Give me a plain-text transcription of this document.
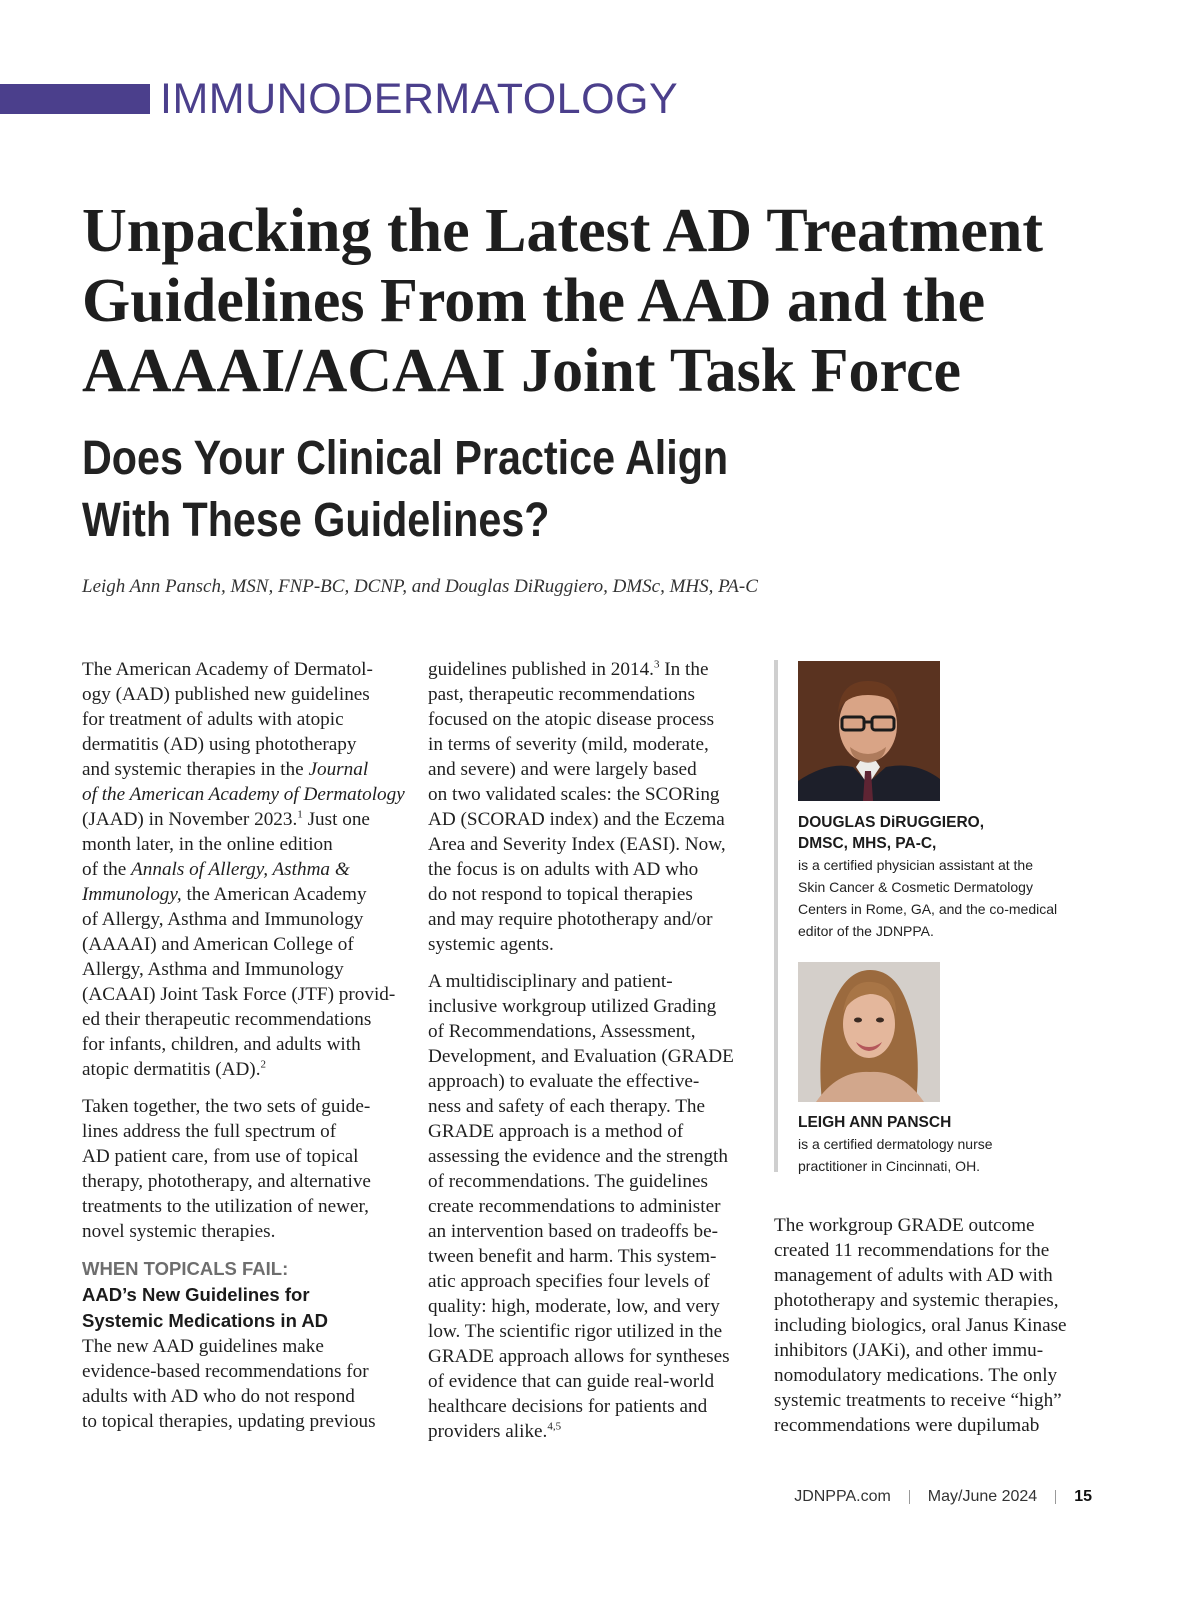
IMMUNODERMATOLOGY
Unpacking the Latest AD Treatment
Guidelines From the AAD and the
AAAAI/ACAAI Joint Task Force
Does Your Clinical Practice Align
With These Guidelines?
Leigh Ann Pansch, MSN, FNP-BC, DCNP, and Douglas DiRuggiero, DMSc, MHS, PA-C

The American Academy of Dermatol-
ogy (AAD) published new guidelines
for treatment of adults with atopic
dermatitis (AD) using phototherapy
and systemic therapies in the Journal
of the American Academy of Dermatology
(JAAD) in November 2023.$^1$ Just one
month later, in the online edition
of the Annals of Allergy, Asthma &
Immunology, the American Academy
of Allergy, Asthma and Immunology
(AAAAI) and American College of
Allergy, Asthma and Immunology
(ACAAI) Joint Task Force (JTF) provid-
ed their therapeutic recommendations
for infants, children, and adults with
atopic dermatitis (AD).$^2$

Taken together, the two sets of guide-
lines address the full spectrum of
AD patient care, from use of topical
therapy, phototherapy, and alternative
treatments to the utilization of newer,
novel systemic therapies.

WHEN TOPICALS FAIL:
AAD’s New Guidelines for
Systemic Medications in AD

The new AAD guidelines make
evidence-based recommendations for
adults with AD who do not respond
to topical therapies, updating previous

guidelines published in 2014.$^3$ In the
past, therapeutic recommendations
focused on the atopic disease process
in terms of severity (mild, moderate,
and severe) and were largely based
on two validated scales: the SCORing
AD (SCORAD index) and the Eczema
Area and Severity Index (EASI). Now,
the focus is on adults with AD who
do not respond to topical therapies
and may require phototherapy and/or
systemic agents.

A multidisciplinary and patient-
inclusive workgroup utilized Grading
of Recommendations, Assessment,
Development, and Evaluation (GRADE
approach) to evaluate the effective-
ness and safety of each therapy. The
GRADE approach is a method of
assessing the evidence and the strength
of recommendations. The guidelines
create recommendations to administer
an intervention based on tradeoffs be-
tween benefit and harm. This system-
atic approach specifies four levels of
quality: high, moderate, low, and very
low. The scientific rigor utilized in the
GRADE approach allows for syntheses
of evidence that can guide real-world
healthcare decisions for patients and
providers alike.$^{4,5}$

DOUGLAS DiRUGGIERO,
DMSC, MHS, PA-C,
is a certified physician assistant at the
Skin Cancer & Cosmetic Dermatology
Centers in Rome, GA, and the co-medical
editor of the JDNPPA.
LEIGH ANN PANSCH
is a certified dermatology nurse
practitioner in Cincinnati, OH.

The workgroup GRADE outcome
created 11 recommendations for the
management of adults with AD with
phototherapy and systemic therapies,
including biologics, oral Janus Kinase
inhibitors (JAKi), and other immu-
nomodulatory medications. The only
systemic treatments to receive “high”
recommendations were dupilumab

JDNPPA.com May/June 2024 15
